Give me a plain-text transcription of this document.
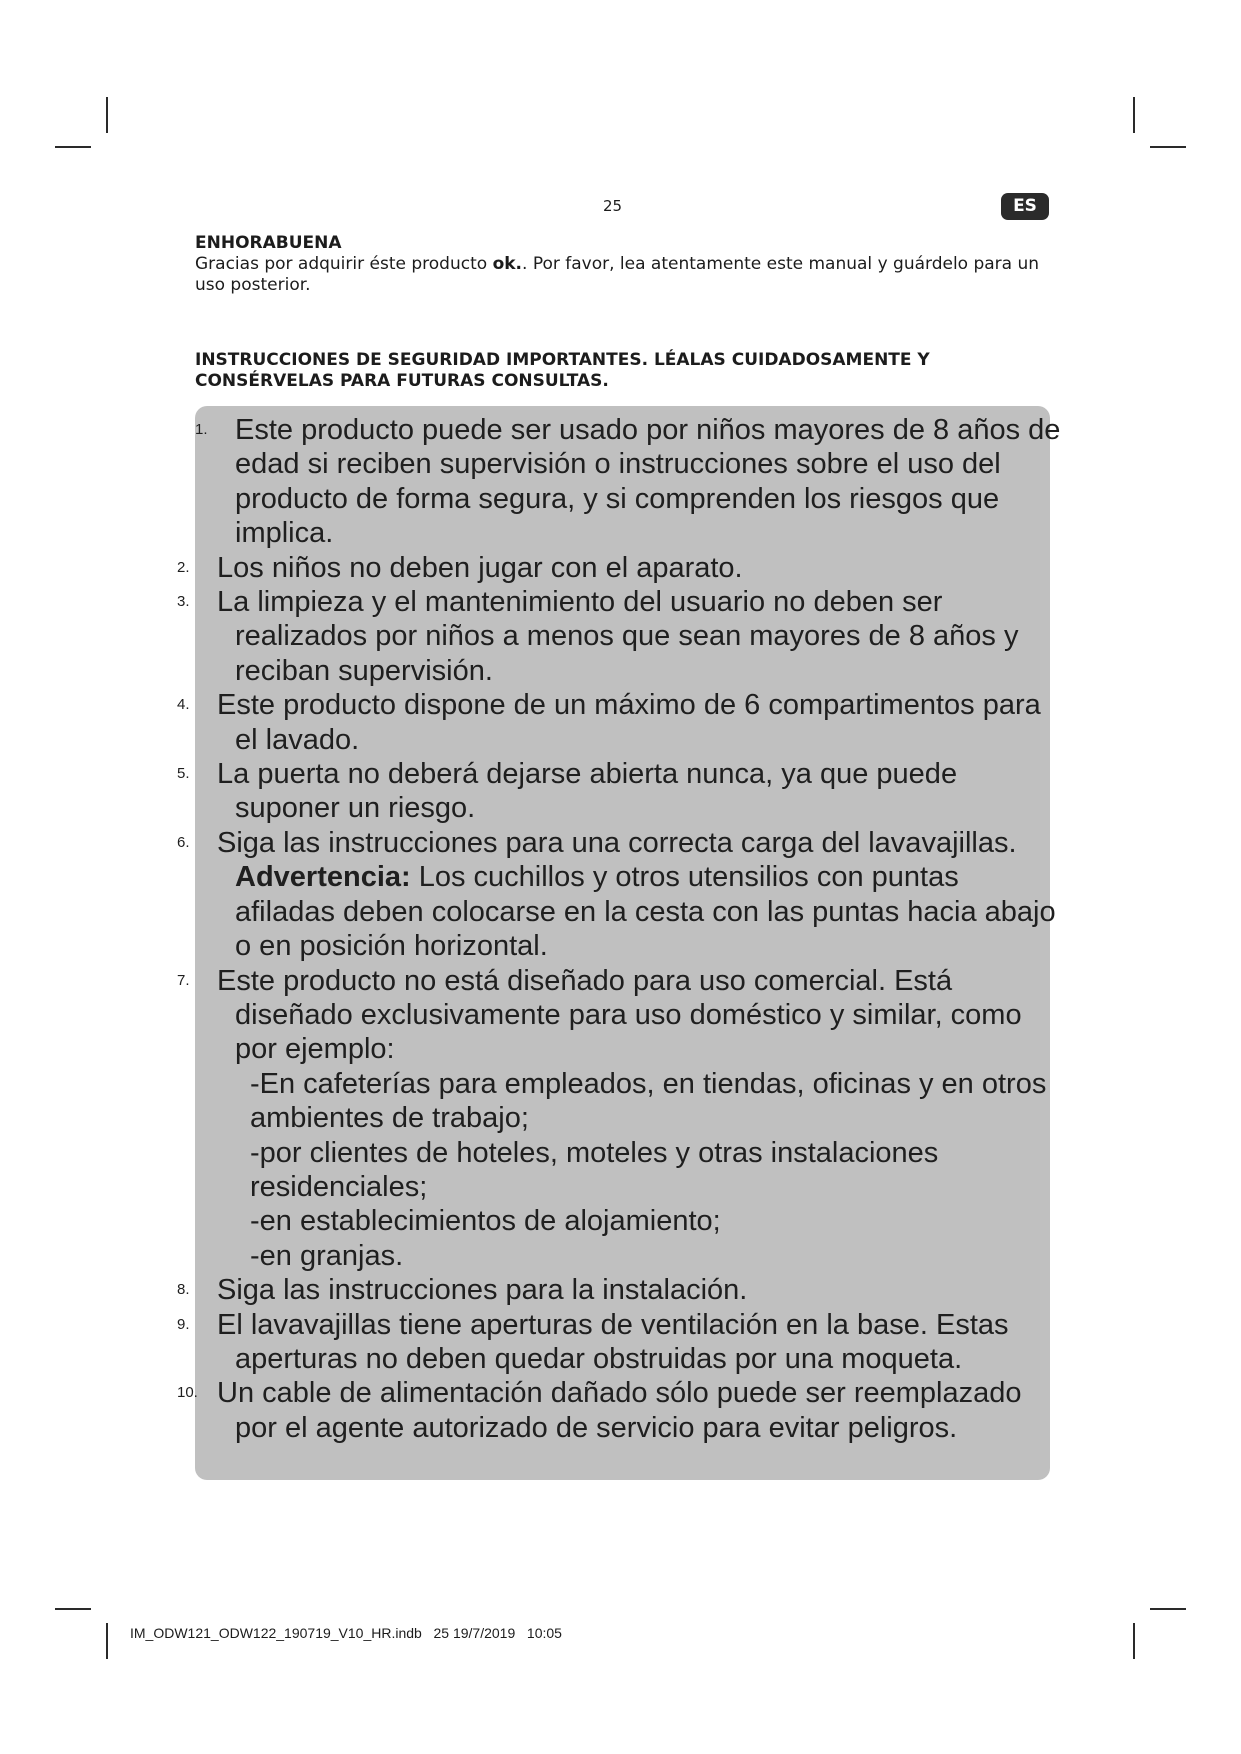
25	ES
ENHORABUENA
Gracias por adquirir éste producto ok.. Por favor, lea atentamente este manual y guárdelo para un uso posterior.
INSTRUCCIONES DE SEGURIDAD IMPORTANTES. LÉALAS CUIDADOSAMENTE Y CONSÉRVELAS PARA FUTURAS CONSULTAS.
1. Este producto puede ser usado por niños mayores de 8 años de edad si reciben supervisión o instrucciones sobre el uso del producto de forma segura, y si comprenden los riesgos que implica.
2. Los niños no deben jugar con el aparato.
3. La limpieza y el mantenimiento del usuario no deben ser realizados por niños a menos que sean mayores de 8 años y reciban supervisión.
4. Este producto dispone de un máximo de 6 compartimentos para el lavado.
5. La puerta no deberá dejarse abierta nunca, ya que puede suponer un riesgo.
6. Siga las instrucciones para una correcta carga del lavavajillas.
Advertencia: Los cuchillos y otros utensilios con puntas afiladas deben colocarse en la cesta con las puntas hacia abajo o en posición horizontal.
7. Este producto no está diseñado para uso comercial. Está diseñado exclusivamente para uso doméstico y similar, como por ejemplo:
-En cafeterías para empleados, en tiendas, oficinas y en otros ambientes de trabajo;
-por clientes de hoteles, moteles y otras instalaciones residenciales;
-en establecimientos de alojamiento;
-en granjas.
8. Siga las instrucciones para la instalación.
9. El lavavajillas tiene aperturas de ventilación en la base. Estas aperturas no deben quedar obstruidas por una moqueta.
10. Un cable de alimentación dañado sólo puede ser reemplazado por el agente autorizado de servicio para evitar peligros.
IM_ODW121_ODW122_190719_V10_HR.indb   25 19/7/2019   10:05
